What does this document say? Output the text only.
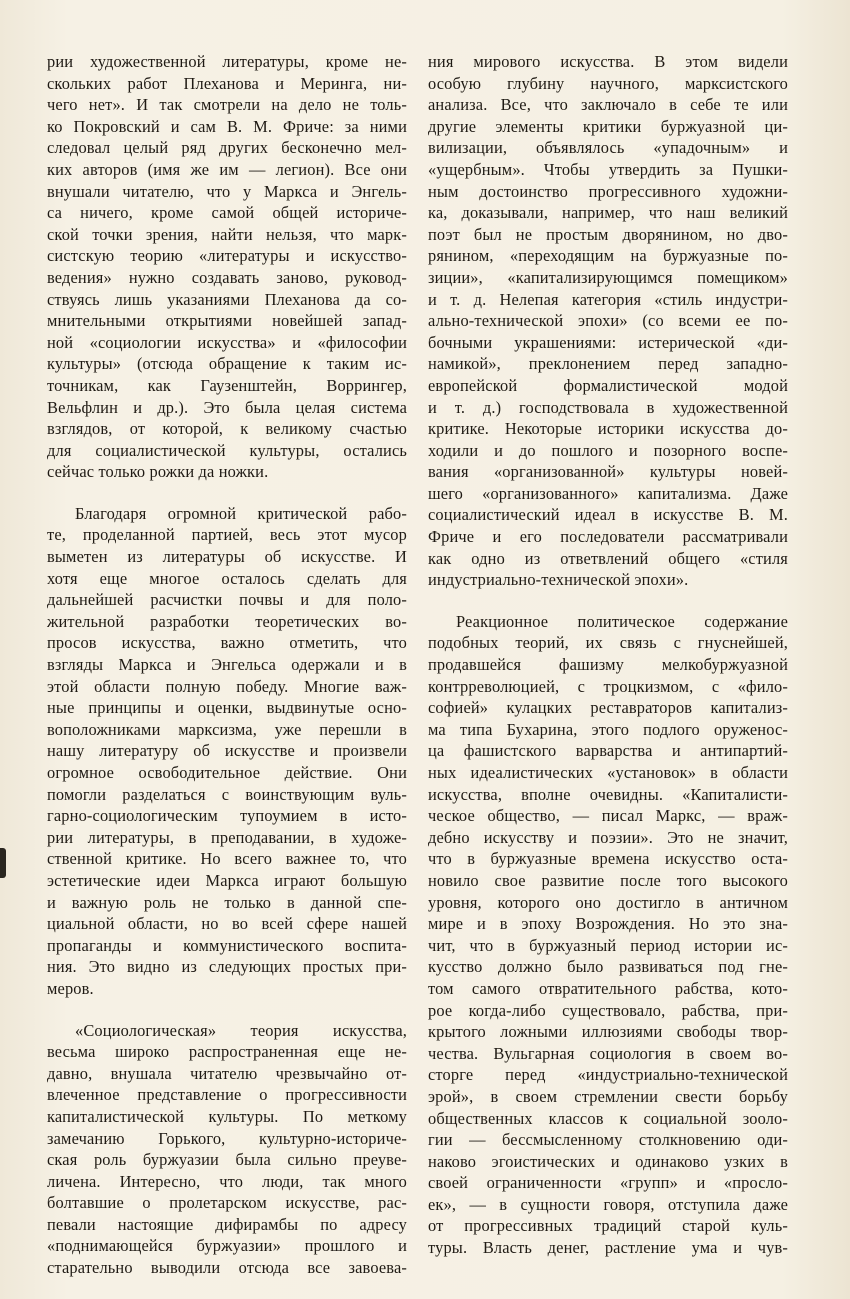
рии художественной литературы, кроме не-
скольких работ Плеханова и Меринга, ни-
чего нет». И так смотрели на дело не толь-
ко Покровский и сам В. М. Фриче: за ними
следовал целый ряд других бесконечно мел-
ких авторов (имя же им — легион). Все они
внушали читателю, что у Маркса и Энгель-
са ничего, кроме самой общей историче-
ской точки зрения, найти нельзя, что марк-
систскую теорию «литературы и искусство-
ведения» нужно создавать заново, руковод-
ствуясь лишь указаниями Плеханова да со-
мнительными открытиями новейшей запад-
ной «социологии искусства» и «философии
культуры» (отсюда обращение к таким ис-
точникам, как Гаузенштейн, Воррингер,
Вельфлин и др.). Это была целая система
взглядов, от которой, к великому счастью
для социалистической культуры, остались
сейчас только рожки да ножки.
Благодаря огромной критической рабо-
те, проделанной партией, весь этот мусор
выметен из литературы об искусстве. И
хотя еще многое осталось сделать для
дальнейшей расчистки почвы и для поло-
жительной разработки теоретических во-
просов искусства, важно отметить, что
взгляды Маркса и Энгельса одержали и в
этой области полную победу. Многие важ-
ные принципы и оценки, выдвинутые осно-
воположниками марксизма, уже перешли в
нашу литературу об искусстве и произвели
огромное освободительное действие. Они
помогли разделаться с воинствующим вуль-
гарно-социологическим тупоумием в исто-
рии литературы, в преподавании, в художе-
ственной критике. Но всего важнее то, что
эстетические идеи Маркса играют большую
и важную роль не только в данной спе-
циальной области, но во всей сфере нашей
пропаганды и коммунистического воспита-
ния. Это видно из следующих простых при-
меров.
«Социологическая» теория искусства,
весьма широко распространенная еще не-
давно, внушала читателю чрезвычайно от-
влеченное представление о прогрессивности
капиталистической культуры. По меткому
замечанию Горького, культурно-историче-
ская роль буржуазии была сильно преуве-
личена. Интересно, что люди, так много
болтавшие о пролетарском искусстве, рас-
певали настоящие дифирамбы по адресу
«поднимающейся буржуазии» прошлого и
старательно выводили отсюда все завоева-
ния мирового искусства. В этом видели
особую глубину научного, марксистского
анализа. Все, что заключало в себе те или
другие элементы критики буржуазной ци-
вилизации, объявлялось «упадочным» и
«ущербным». Чтобы утвердить за Пушки-
ным достоинство прогрессивного художни-
ка, доказывали, например, что наш великий
поэт был не простым дворянином, но дво-
рянином, «переходящим на буржуазные по-
зиции», «капитализирующимся помещиком»
и т. д. Нелепая категория «стиль индустри-
ально-технической эпохи» (со всеми ее по-
бочными украшениями: истерической «ди-
намикой», преклонением перед западно-
европейской формалистической модой
и т. д.) господствовала в художественной
критике. Некоторые историки искусства до-
ходили и до пошлого и позорного воспе-
вания «организованной» культуры новей-
шего «организованного» капитализма. Даже
социалистический идеал в искусстве В. М.
Фриче и его последователи рассматривали
как одно из ответвлений общего «стиля
индустриально-технической эпохи».
Реакционное политическое содержание
подобных теорий, их связь с гнуснейшей,
продавшейся фашизму мелкобуржуазной
контрреволюцией, с троцкизмом, с «фило-
софией» кулацких реставраторов капитализ-
ма типа Бухарина, этого подлого оруженос-
ца фашистского варварства и антипартий-
ных идеалистических «установок» в области
искусства, вполне очевидны. «Капиталисти-
ческое общество, — писал Маркс, — враж-
дебно искусству и поэзии». Это не значит,
что в буржуазные времена искусство оста-
новило свое развитие после того высокого
уровня, которого оно достигло в античном
мире и в эпоху Возрождения. Но это зна-
чит, что в буржуазный период истории ис-
кусство должно было развиваться под гне-
том самого отвратительного рабства, кото-
рое когда-либо существовало, рабства, при-
крытого ложными иллюзиями свободы твор-
чества. Вульгарная социология в своем во-
сторге перед «индустриально-технической
эрой», в своем стремлении свести борьбу
общественных классов к социальной зооло-
гии — бессмысленному столкновению оди-
наково эгоистических и одинаково узких в
своей ограниченности «групп» и «просло-
ек», — в сущности говоря, отступила даже
от прогрессивных традиций старой куль-
туры. Власть денег, растление ума и чув-
